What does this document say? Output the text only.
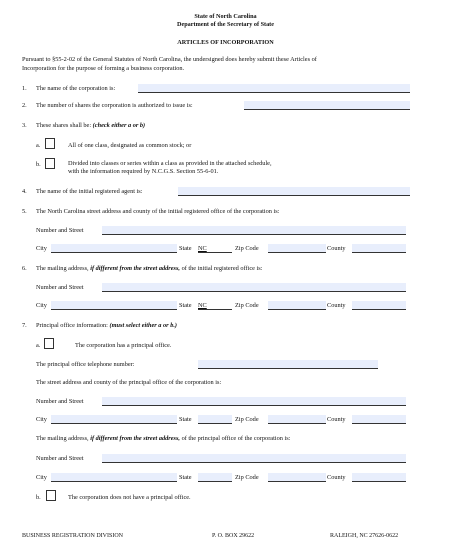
State of North Carolina
Department of the Secretary of State
ARTICLES OF INCORPORATION
Pursuant to §55-2-02 of the General Statutes of North Carolina, the undersigned does hereby submit these Articles of
Incorporation for the purpose of forming a business corporation.
1. The name of the corporation is:
2. The number of shares the corporation is authorized to issue is:
3. These shares shall be: (check either a or b)
a.	All of one class, designated as common stock; or
b.	Divided into classes or series within a class as provided in the attached schedule,
with the information required by N.C.G.S. Section 55-6-01.
4. The name of the initial registered agent is:
5. The North Carolina street address and county of the initial registered office of the corporation is:
Number and Street
City	State NC	Zip Code	County
6. The mailing address, if different from the street address, of the initial registered office is:
Number and Street
City	State NC	Zip Code	County
7. Principal office information: (must select either a or b.)
a.	The corporation has a principal office.
The principal office telephone number:
The street address and county of the principal office of the corporation is:
Number and Street
City	State	Zip Code	County
The mailing address, if different from the street address, of the principal office of the corporation is:
Number and Street
City	State	Zip Code	County
b.	The corporation does not have a principal office.
BUSINESS REGISTRATION DIVISION	P. O. BOX 29622	RALEIGH, NC 27626-0622
